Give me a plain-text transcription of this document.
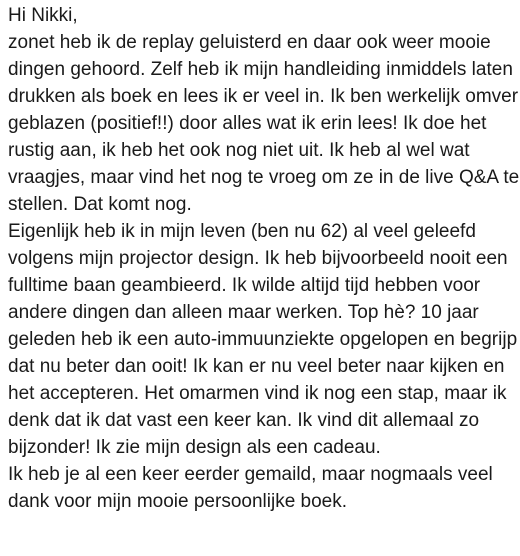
Hi Nikki,
zonet heb ik de replay geluisterd en daar ook weer mooie
dingen gehoord. Zelf heb ik mijn handleiding inmiddels laten
drukken als boek en lees ik er veel in. Ik ben werkelijk omver
geblazen (positief!!) door alles wat ik erin lees! Ik doe het
rustig aan, ik heb het ook nog niet uit. Ik heb al wel wat
vraagjes, maar vind het nog te vroeg om ze in de live Q&A te
stellen. Dat komt nog.
Eigenlijk heb ik in mijn leven (ben nu 62) al veel geleefd
volgens mijn projector design. Ik heb bijvoorbeeld nooit een
fulltime baan geambieerd. Ik wilde altijd tijd hebben voor
andere dingen dan alleen maar werken. Top hè? 10 jaar
geleden heb ik een auto-immuunziekte opgelopen en begrijp
dat nu beter dan ooit! Ik kan er nu veel beter naar kijken en
het accepteren. Het omarmen vind ik nog een stap, maar ik
denk dat ik dat vast een keer kan. Ik vind dit allemaal zo
bijzonder! Ik zie mijn design als een cadeau.
Ik heb je al een keer eerder gemaild, maar nogmaals veel
dank voor mijn mooie persoonlijke boek.
